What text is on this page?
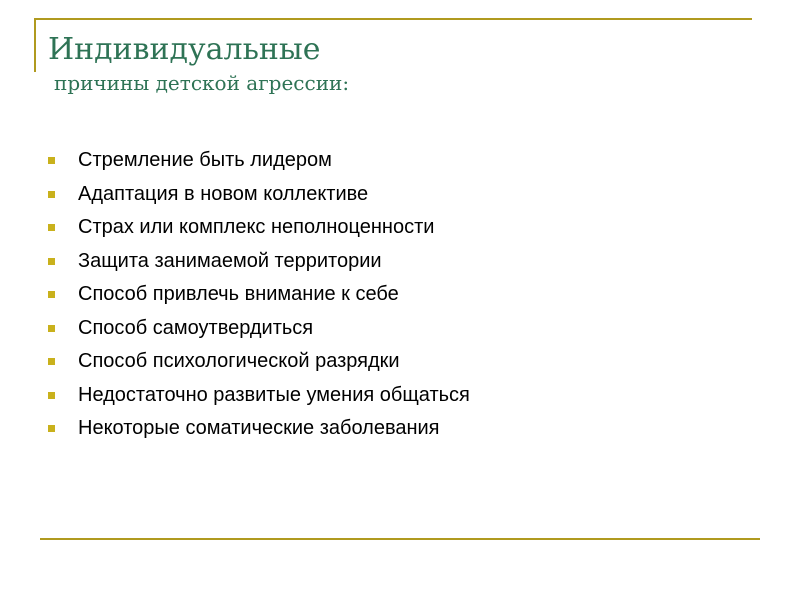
Индивидуальные
причины детской агрессии:
Стремление быть лидером
Адаптация в новом коллективе
Страх или комплекс неполноценности
Защита занимаемой территории
Способ привлечь внимание к себе
Способ самоутвердиться
Способ психологической разрядки
Недостаточно развитые умения общаться
Некоторые соматические заболевания
